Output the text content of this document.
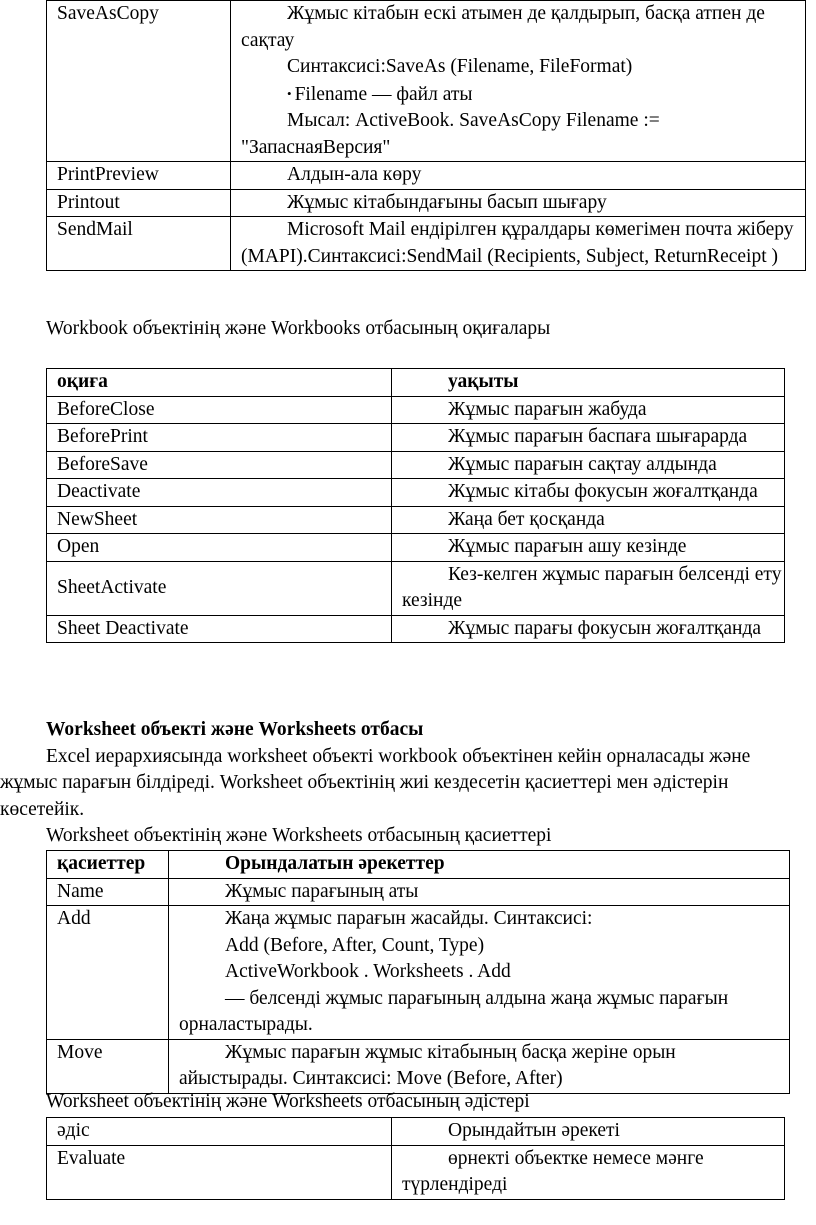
SaveAsCopy	Жұмыс кітабын ескі атымен де қалдырып, басқа атпен де сақтау
Синтаксисі:SaveAs (Filename, FileFormat)
• Filename — файл аты
Мысал: ActiveBook. SaveAsCopy Filename := "ЗапаснаяВерсия"

PrintPreview	Алдын-ала көру

Printout	Жұмыс кітабындағыны басып шығару

SendMail	Microsoft Mail ендірілген құралдары көмегімен почта жіберу (MAPI).Синтаксисі:SendMail (Recipients, Subject, ReturnReceipt )
Workbook объектінің және Workbooks отбасының оқиғалары
оқиға	уақыты

BeforeClose	Жұмыс парағын жабуда

BeforePrint	Жұмыс парағын баспаға шығарарда

BeforeSave	Жұмыс парағын сақтау алдында

Deactivate	Жұмыс кітабы фокусын жоғалтқанда

NewSheet	Жаңа бет қосқанда

Open	Жұмыс парағын ашу кезінде

SheetActivate	Кез-келген жұмыс парағын белсенді ету кезінде

Sheet Deactivate	Жұмыс парағы фокусын жоғалтқанда
Worksheet объекті және Worksheets отбасы
Excel иерархиясында worksheet объекті workbook объектінен кейін орналасады және жұмыс парағын білдіреді. Worksheet объектінің жиі кездесетін қасиеттері мен әдістерін көсетейік.
Worksheet объектінің және Worksheets отбасының қасиеттері
қасиеттер	Орындалатын әрекеттер

Name	Жұмыс парағының аты

Add	Жаңа жұмыс парағын жасайды. Синтаксисі:
Add (Before, After, Count, Type)
ActiveWorkbook . Worksheets . Add
— белсенді жұмыс парағының алдына жаңа жұмыс парағын орналастырады.

Move	Жұмыс парағын жұмыс кітабының басқа жеріне орын айыстырады. Синтаксисі: Move (Before, After)
Worksheet объектінің және Worksheets отбасының әдістері
әдіс	Орындайтын әрекеті

Evaluate	өрнекті объектке немесе мәнге түрлендіреді
